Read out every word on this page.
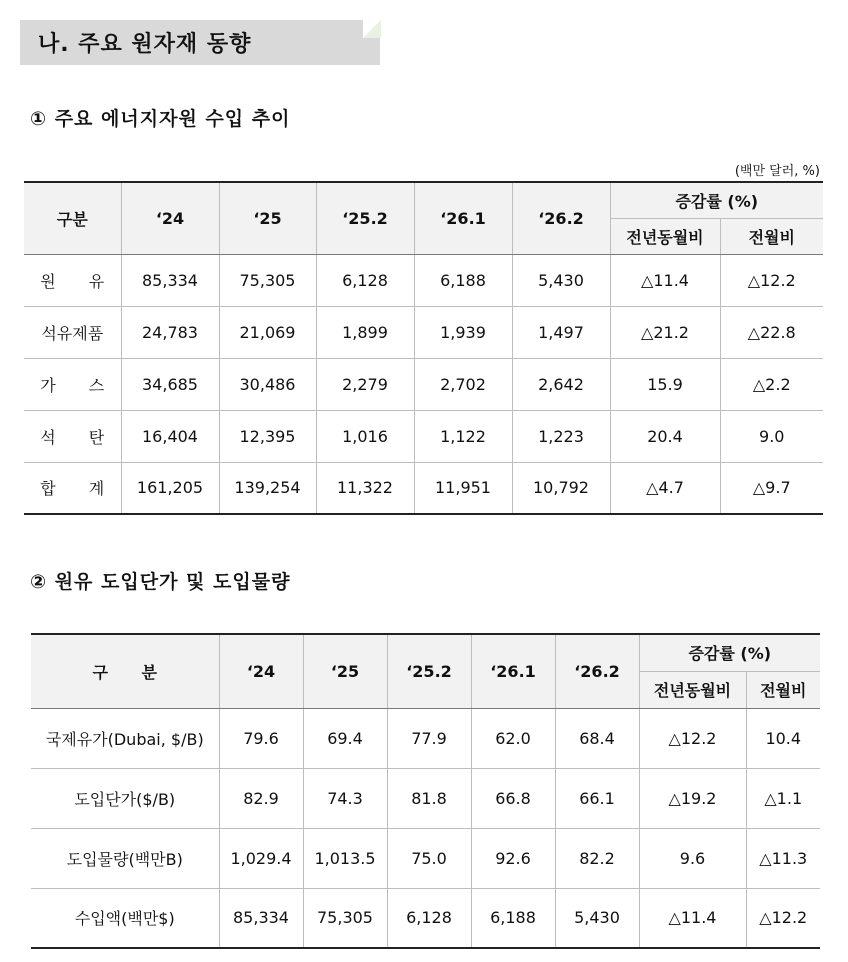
나. 주요 원자재 동향
① 주요 에너지자원 수입 추이
(백만 달러, %)
구분	‘24	‘25	‘25.2	‘26.1	‘26.2	증감률 (%)	
						전년동월비	전월비
원 유	85,334	75,305	6,128	6,188	5,430	△11.4	△12.2
석유제품	24,783	21,069	1,899	1,939	1,497	△21.2	△22.8
가 스	34,685	30,486	2,279	2,702	2,642	15.9	△2.2
석 탄	16,404	12,395	1,016	1,122	1,223	20.4	9.0
합 계	161,205	139,254	11,322	11,951	10,792	△4.7	△9.7
② 원유 도입단가 및 도입물량
구 분	‘24	‘25	‘25.2	‘26.1	‘26.2	증감률 (%)	
						전년동월비	전월비
국제유가(Dubai, $/B)	79.6	69.4	77.9	62.0	68.4	△12.2	10.4
도입단가($/B)	82.9	74.3	81.8	66.8	66.1	△19.2	△1.1
도입물량(백만B)	1,029.4	1,013.5	75.0	92.6	82.2	9.6	△11.3
수입액(백만$)	85,334	75,305	6,128	6,188	5,430	△11.4	△12.2
